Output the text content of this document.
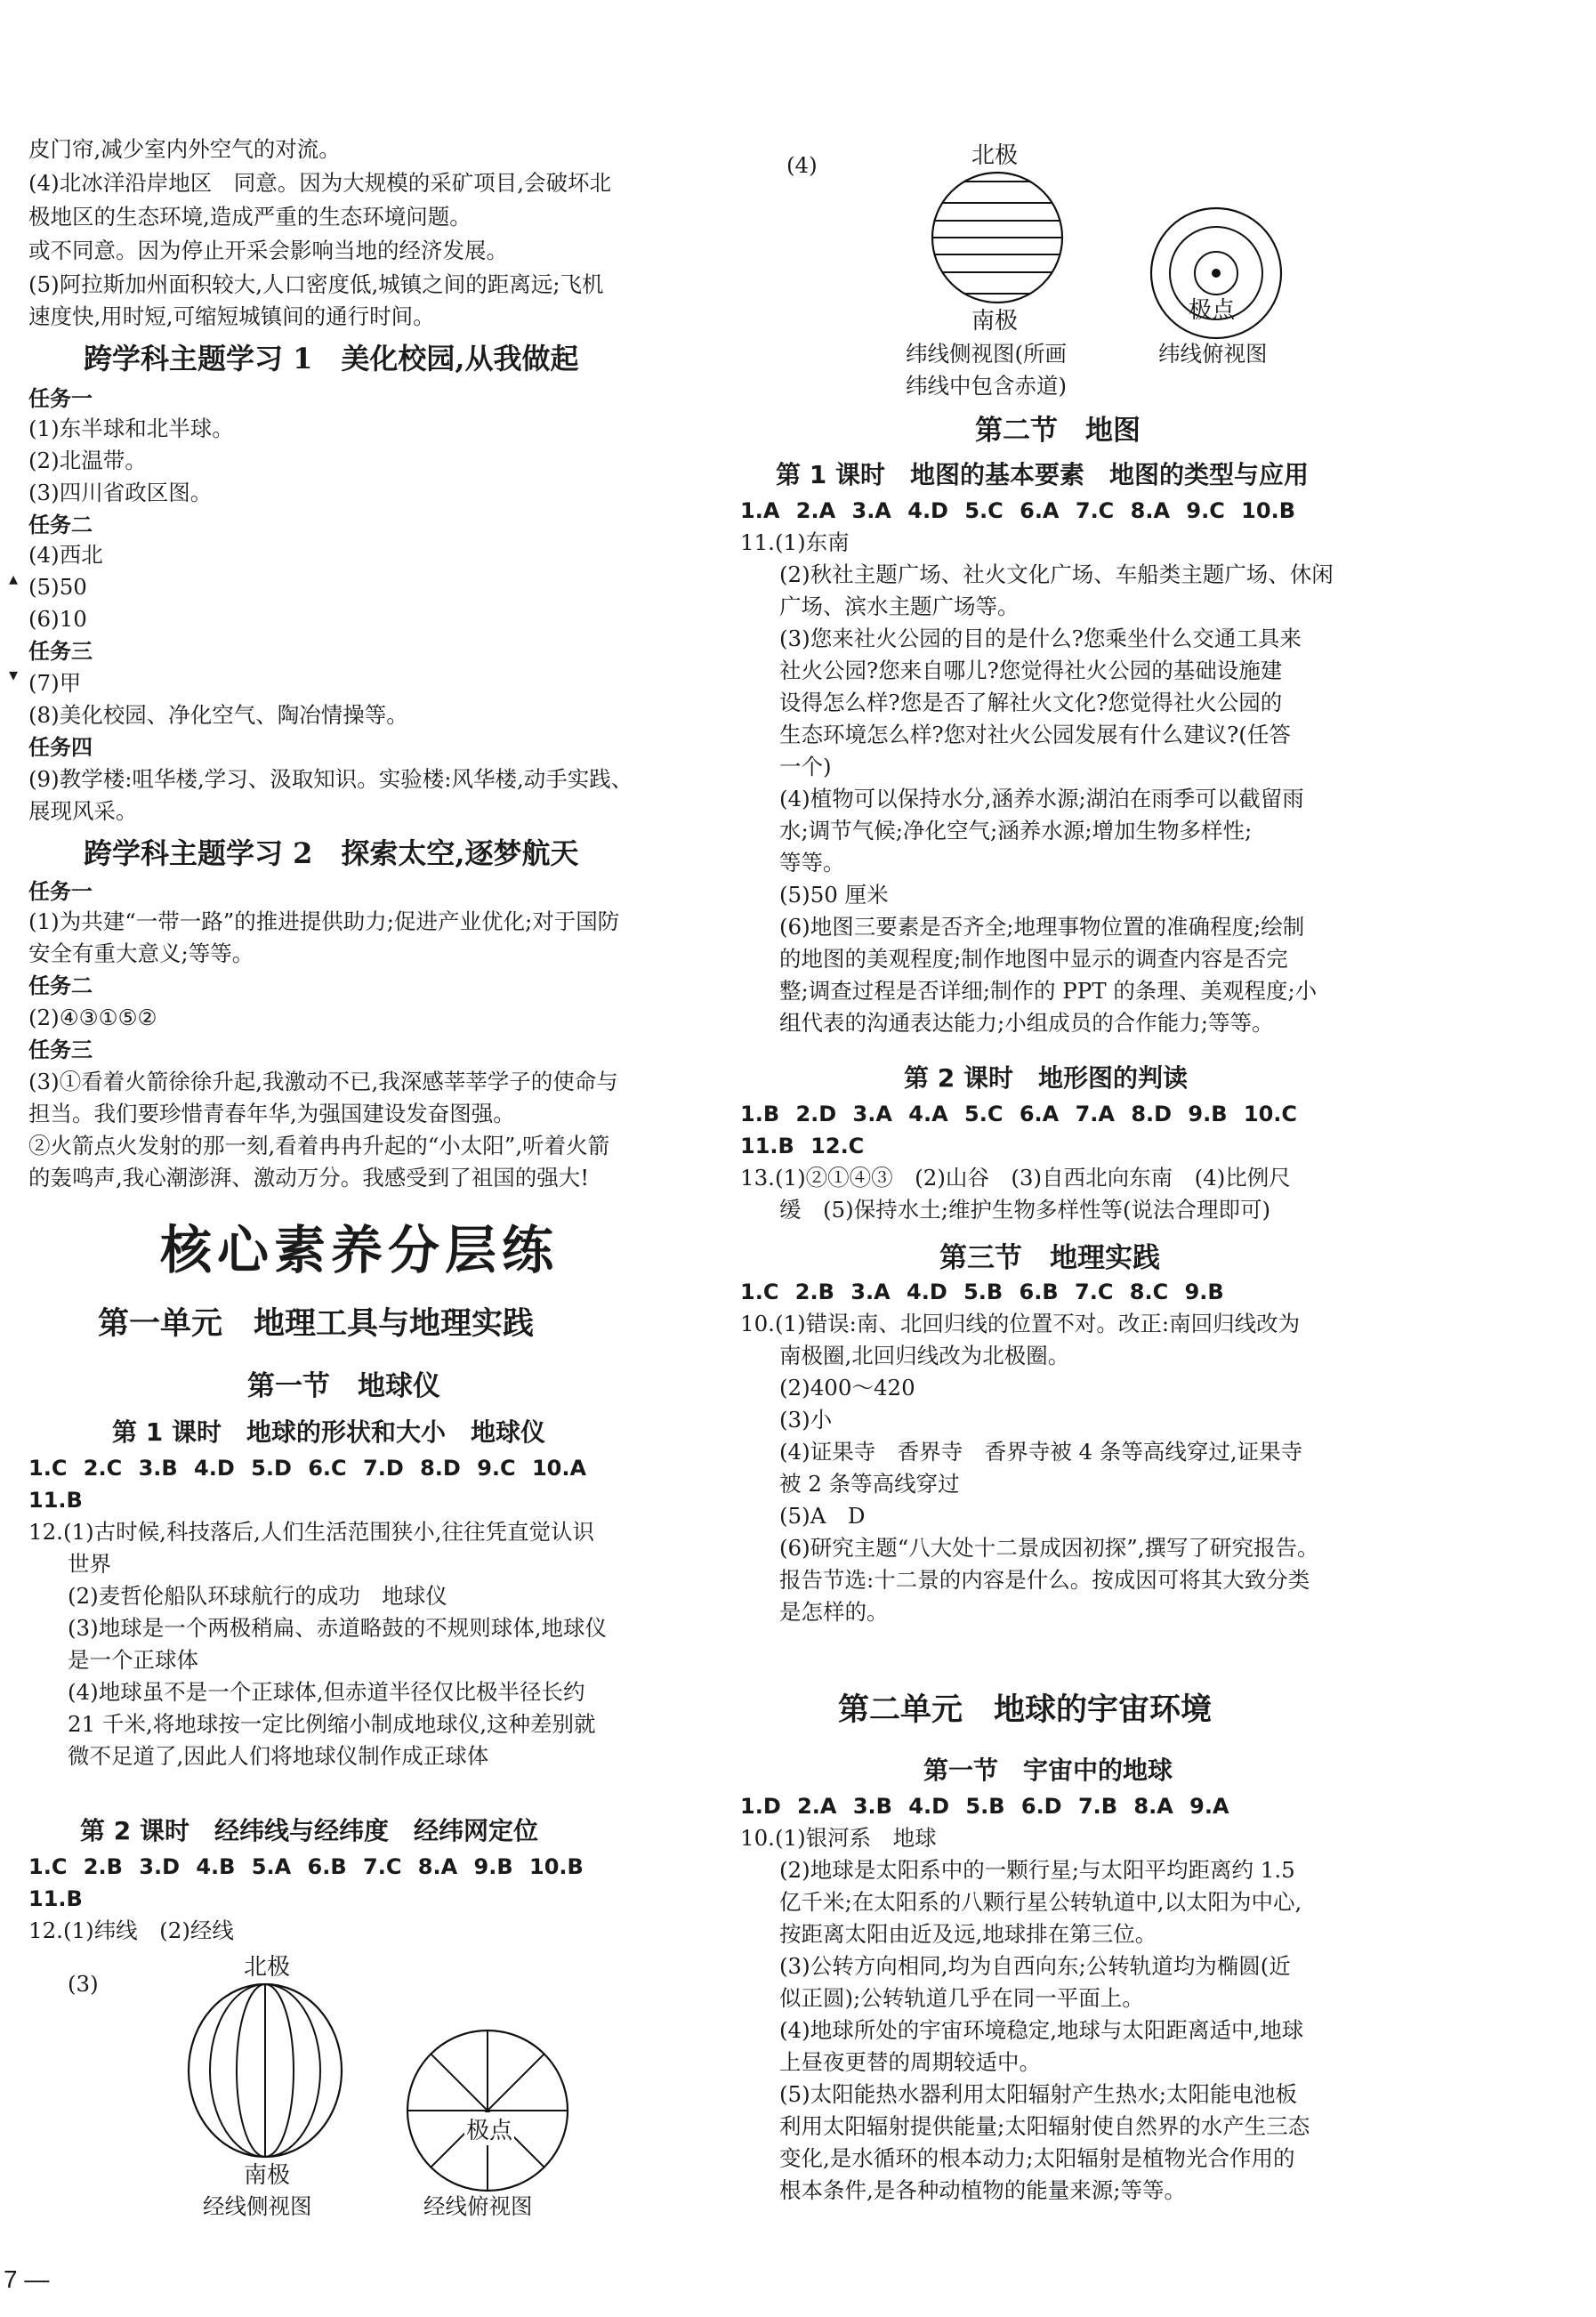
皮门帘,减少室内外空气的对流。
(4)北冰洋沿岸地区　同意。因为大规模的采矿项目,会破坏北
极地区的生态环境,造成严重的生态环境问题。
或不同意。因为停止开采会影响当地的经济发展。
(5)阿拉斯加州面积较大,人口密度低,城镇之间的距离远;飞机
速度快,用时短,可缩短城镇间的通行时间。
跨学科主题学习 1　美化校园,从我做起
任务一
(1)东半球和北半球。
(2)北温带。
(3)四川省政区图。
任务二
(4)西北
(5)50
(6)10
任务三
(7)甲
(8)美化校园、净化空气、陶冶情操等。
任务四
(9)教学楼:咀华楼,学习、汲取知识。实验楼:风华楼,动手实践、
展现风采。
跨学科主题学习 2　探索太空,逐梦航天
任务一
(1)为共建“一带一路”的推进提供助力;促进产业优化;对于国防
安全有重大意义;等等。
任务二
(2)④③①⑤②
任务三
(3)①看着火箭徐徐升起,我激动不已,我深感莘莘学子的使命与
担当。我们要珍惜青春年华,为强国建设发奋图强。
②火箭点火发射的那一刻,看着冉冉升起的“小太阳”,听着火箭
的轰鸣声,我心潮澎湃、激动万分。我感受到了祖国的强大!
核心素养分层练
第一单元　地理工具与地理实践
第一节　地球仪
第 1 课时　地球的形状和大小　地球仪
1.C 2.C 3.B 4.D 5.D 6.C 7.D 8.D 9.C 10.A
11.B
12.(1)古时候,科技落后,人们生活范围狭小,往往凭直觉认识
世界
(2)麦哲伦船队环球航行的成功　地球仪
(3)地球是一个两极稍扁、赤道略鼓的不规则球体,地球仪
是一个正球体
(4)地球虽不是一个正球体,但赤道半径仅比极半径长约
21 千米,将地球按一定比例缩小制成地球仪,这种差别就
微不足道了,因此人们将地球仪制作成正球体
第 2 课时　经纬线与经纬度　经纬网定位
1.C 2.B 3.D 4.B 5.A 6.B 7.C 8.A 9.B 10.B
11.B
12.(1)纬线　(2)经线
(3)
北极
南极
经线侧视图
极点
经线俯视图
(4)	北极
南极
纬线侧视图(所画
纬线中包含赤道)
极点
纬线俯视图
第二节　地图
第 1 课时　地图的基本要素　地图的类型与应用
1.A 2.A 3.A 4.D 5.C 6.A 7.C 8.A 9.C 10.B
11.(1)东南
(2)秋社主题广场、社火文化广场、车船类主题广场、休闲
广场、滨水主题广场等。
(3)您来社火公园的目的是什么?您乘坐什么交通工具来
社火公园?您来自哪儿?您觉得社火公园的基础设施建
设得怎么样?您是否了解社火文化?您觉得社火公园的
生态环境怎么样?您对社火公园发展有什么建议?(任答
一个)
(4)植物可以保持水分,涵养水源;湖泊在雨季可以截留雨
水;调节气候;净化空气;涵养水源;增加生物多样性;
等等。
(5)50 厘米
(6)地图三要素是否齐全;地理事物位置的准确程度;绘制
的地图的美观程度;制作地图中显示的调查内容是否完
整;调查过程是否详细;制作的 PPT 的条理、美观程度;小
组代表的沟通表达能力;小组成员的合作能力;等等。
第 2 课时　地形图的判读
1.B 2.D 3.A 4.A 5.C 6.A 7.A 8.D 9.B 10.C
11.B 12.C
13.(1)②①④③　(2)山谷　(3)自西北向东南　(4)比例尺
缓　(5)保持水土;维护生物多样性等(说法合理即可)
第三节　地理实践
1.C 2.B 3.A 4.D 5.B 6.B 7.C 8.C 9.B
10.(1)错误:南、北回归线的位置不对。改正:南回归线改为
南极圈,北回归线改为北极圈。
(2)400～420
(3)小
(4)证果寺　香界寺　香界寺被 4 条等高线穿过,证果寺
被 2 条等高线穿过
(5)A　D
(6)研究主题“八大处十二景成因初探”,撰写了研究报告。
报告节选:十二景的内容是什么。按成因可将其大致分类
是怎样的。
第二单元　地球的宇宙环境
第一节　宇宙中的地球
1.D 2.A 3.B 4.D 5.B 6.D 7.B 8.A 9.A
10.(1)银河系　地球
(2)地球是太阳系中的一颗行星;与太阳平均距离约 1.5
亿千米;在太阳系的八颗行星公转轨道中,以太阳为中心,
按距离太阳由近及远,地球排在第三位。
(3)公转方向相同,均为自西向东;公转轨道均为椭圆(近
似正圆);公转轨道几乎在同一平面上。
(4)地球所处的宇宙环境稳定,地球与太阳距离适中,地球
上昼夜更替的周期较适中。
(5)太阳能热水器利用太阳辐射产生热水;太阳能电池板
利用太阳辐射提供能量;太阳辐射使自然界的水产生三态
变化,是水循环的根本动力;太阳辐射是植物光合作用的
根本条件,是各种动植物的能量来源;等等。
▴
▾
7 —
